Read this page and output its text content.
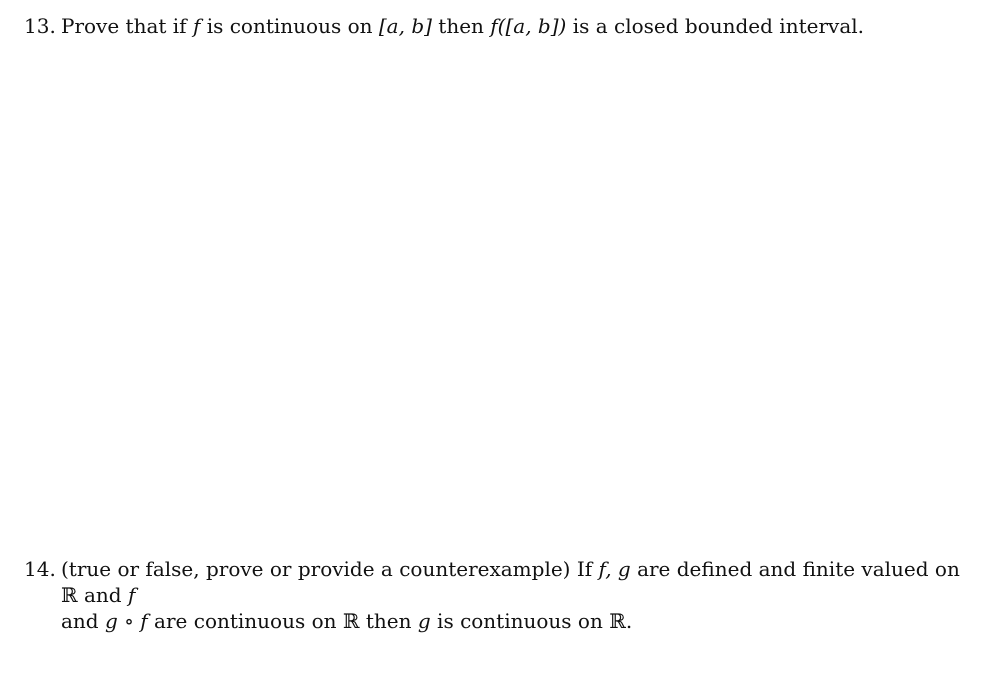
13. Prove that if f is continuous on [a, b] then f([a, b]) is a closed bounded interval.
14. (true or false, prove or provide a counterexample) If f, g are defined and finite valued on ℝ and f
and g ∘ f are continuous on ℝ then g is continuous on ℝ.
